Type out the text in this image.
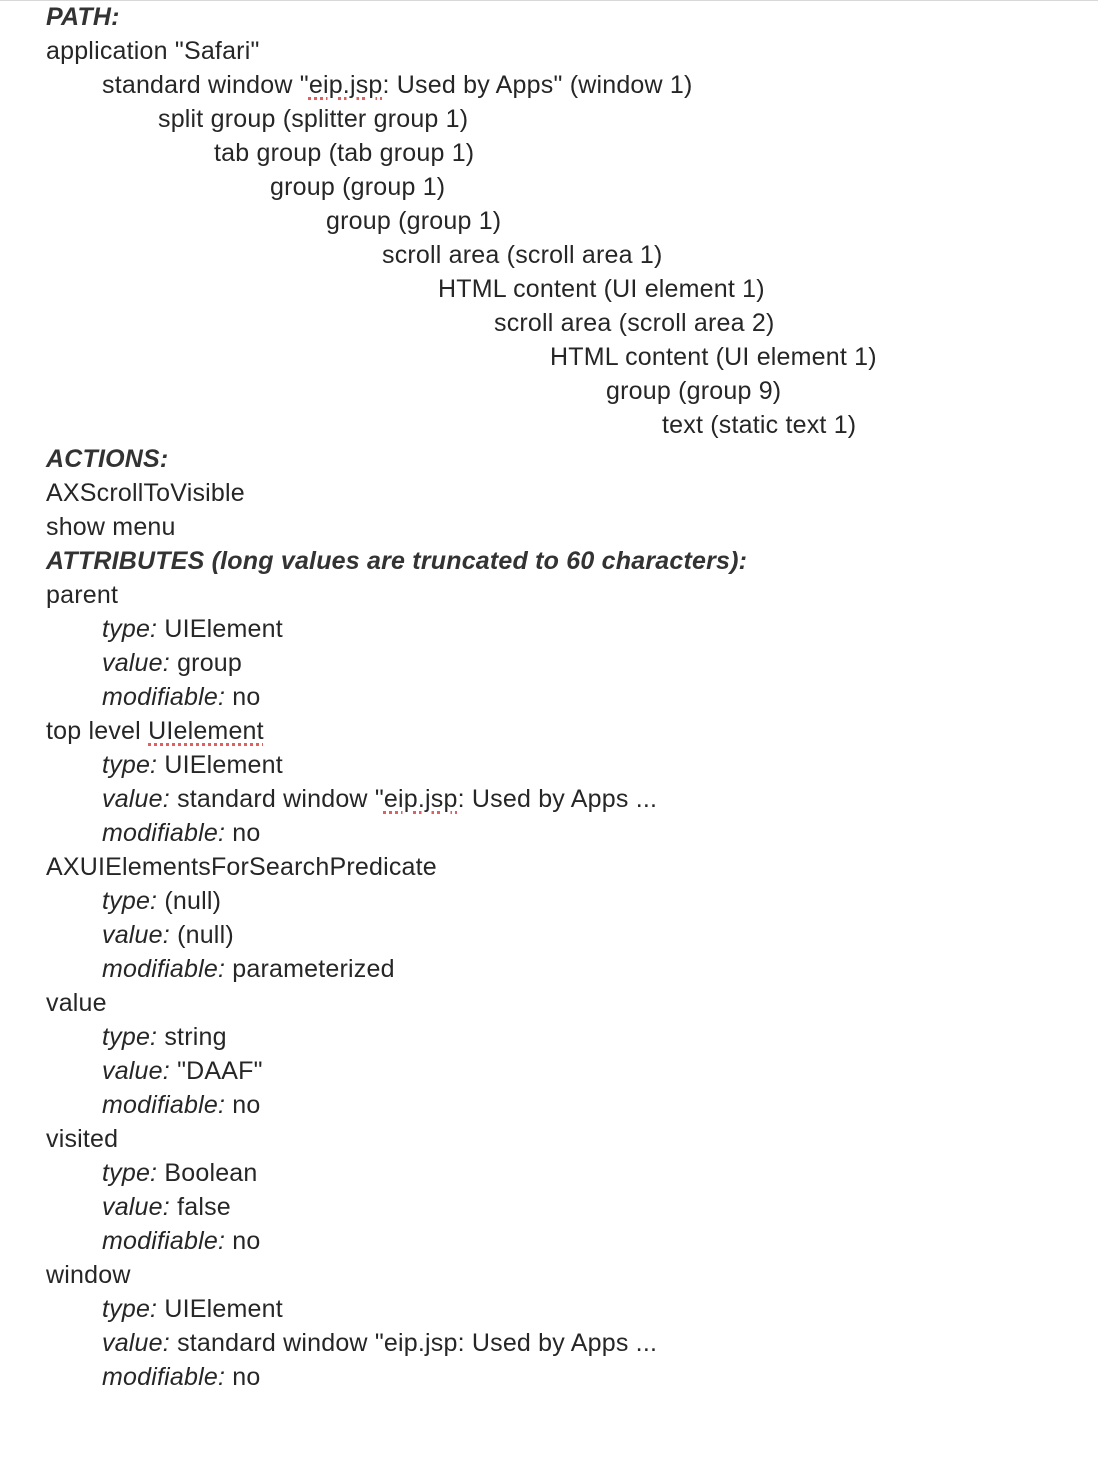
PATH:
application "Safari"
standard window "eip.jsp: Used by Apps" (window 1)
split group (splitter group 1)
tab group (tab group 1)
group (group 1)
group (group 1)
scroll area (scroll area 1)
HTML content (UI element 1)
scroll area (scroll area 2)
HTML content (UI element 1)
group (group 9)
text (static text 1)
ACTIONS:
AXScrollToVisible
show menu
ATTRIBUTES (long values are truncated to 60 characters):
parent
type: UIElement
value: group
modifiable: no
top level UIelement
type: UIElement
value: standard window "eip.jsp: Used by Apps ...
modifiable: no
AXUIElementsForSearchPredicate
type: (null)
value: (null)
modifiable: parameterized
value
type: string
value: "DAAF"
modifiable: no
visited
type: Boolean
value: false
modifiable: no
window
type: UIElement
value: standard window "eip.jsp: Used by Apps ...
modifiable: no
